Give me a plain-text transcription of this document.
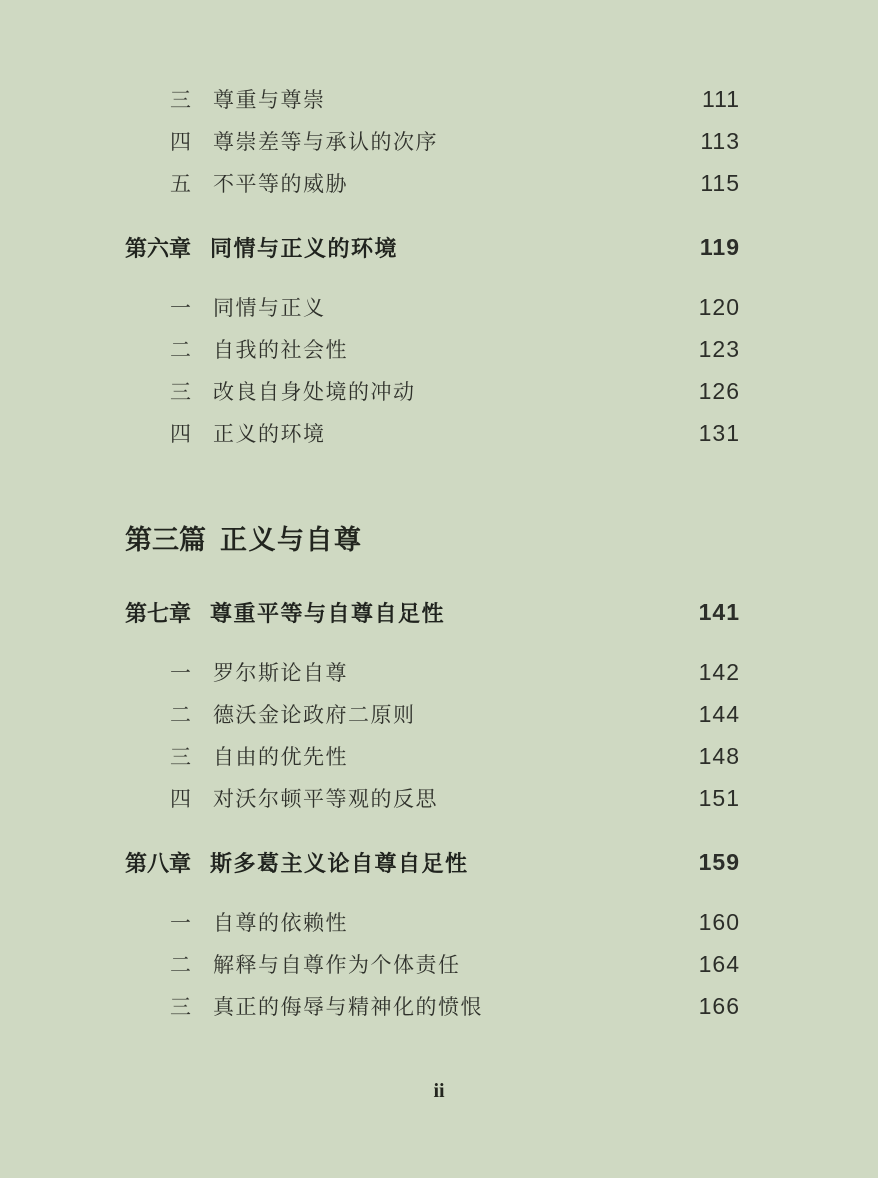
三	尊重与尊崇	111
四	尊崇差等与承认的次序	113
五	不平等的威胁	115
第六章 同情与正义的环境	119
一	同情与正义	120
二	自我的社会性	123
三	改良自身处境的冲动	126
四	正义的环境	131
第三篇 正义与自尊
第七章 尊重平等与自尊自足性	141
一	罗尔斯论自尊	142
二	德沃金论政府二原则	144
三	自由的优先性	148
四	对沃尔顿平等观的反思	151
第八章 斯多葛主义论自尊自足性	159
一	自尊的依赖性	160
二	解释与自尊作为个体责任	164
三	真正的侮辱与精神化的愤恨	166
ii
